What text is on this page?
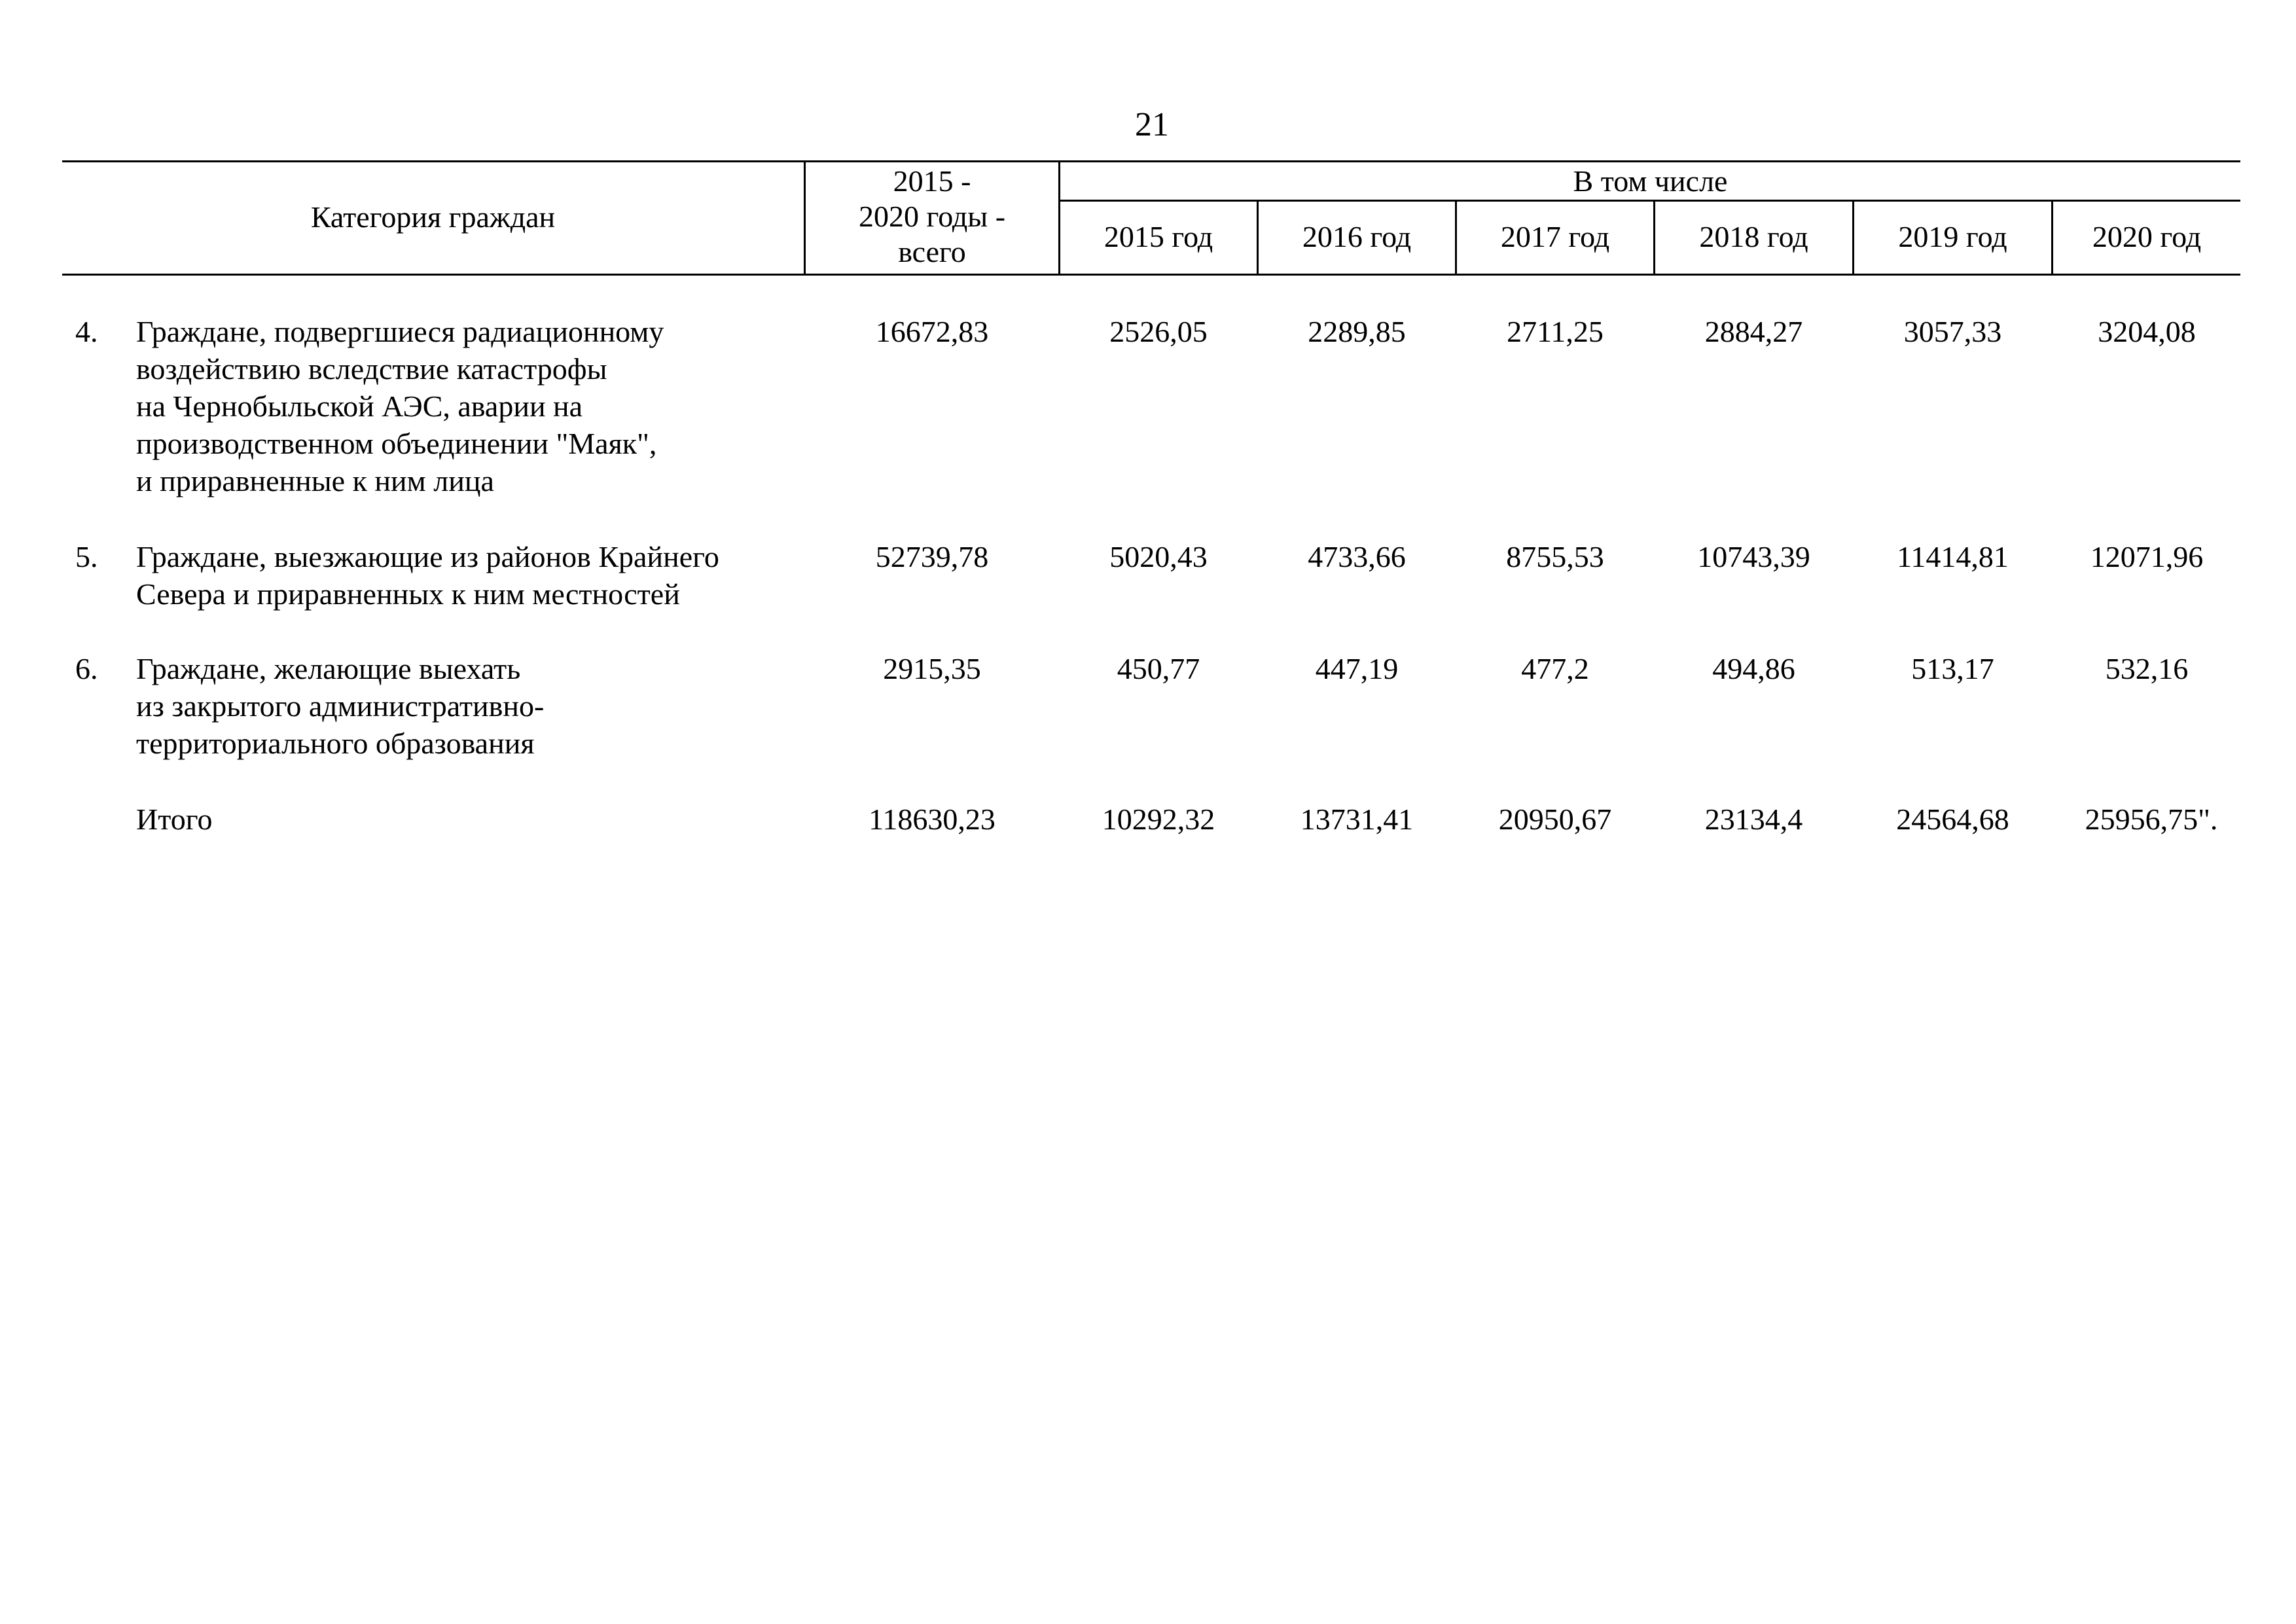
21
Категория граждан
2015 -
2020 годы -
всего
В том числе
2015 год	2016 год	2017 год	2018 год	2019 год	2020 год
4. Граждане, подвергшиеся радиационному
воздействию вследствие катастрофы
на Чернобыльской АЭС, аварии на
производственном объединении "Маяк",
и приравненные к ним лица
16672,83	2526,05	2289,85	2711,25	2884,27	3057,33	3204,08
5. Граждане, выезжающие из районов Крайнего
Севера и приравненных к ним местностей
52739,78	5020,43	4733,66	8755,53	10743,39	11414,81	12071,96
6. Граждане, желающие выехать
из закрытого административно-
территориального образования
2915,35	450,77	447,19	477,2	494,86	513,17	532,16
Итого	118630,23	10292,32	13731,41	20950,67	23134,4	24564,68	25956,75".
